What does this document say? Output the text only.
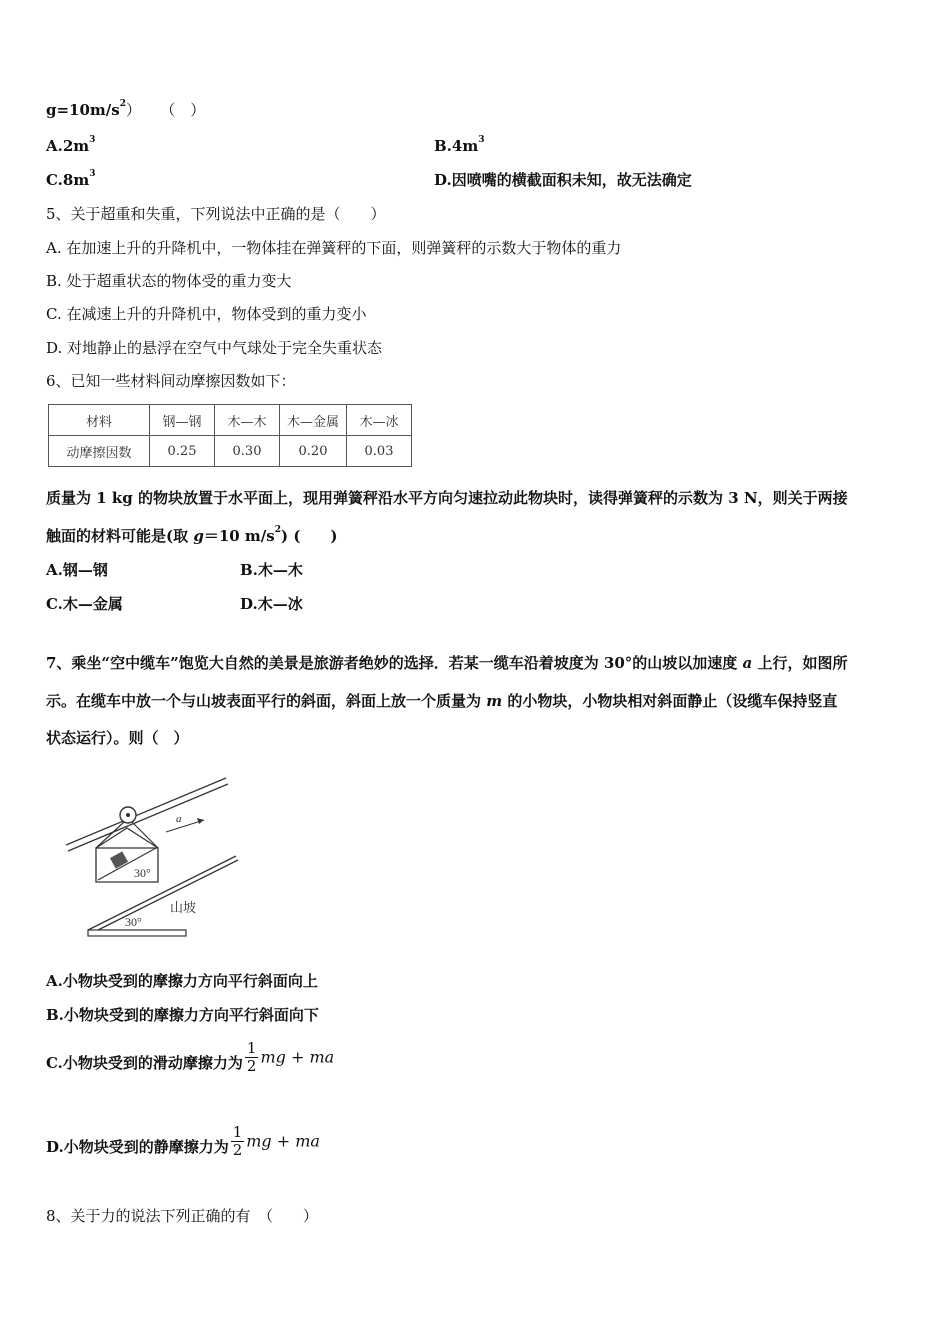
$g=10m/s^2$） （　）
$A.2m^3$	$B.4m^3$
$C.8m^3$	D.因喷嘴的横截面积未知，故无法确定
5、关于超重和失重，下列说法中正确的是（　　）
A. 在加速上升的升降机中，一物体挂在弹簧秤的下面，则弹簧秤的示数大于物体的重力
B. 处于超重状态的物体受的重力变大
C. 在减速上升的升降机中，物体受到的重力变小
D. 对地静止的悬浮在空气中气球处于完全失重状态
6、已知一些材料间动摩擦因数如下：
材料	钢—钢	木—木	木—金属	木—冰
动摩擦因数	0.25	0.30	0.20	0.03
质量为 1 kg 的物块放置于水平面上，现用弹簧秤沿水平方向匀速拉动此物块时，读得弹簧秤的示数为 3 N，则关于两接
触面的材料可能是(取 g＝10 $m/s^2$) (　　)
A.钢—钢	B.木—木
C.木—金属	D.木—冰
7、乘坐“空中缆车”饱览大自然的美景是旅游者绝妙的选择．若某一缆车沿着坡度为 30°的山坡以加速度 a 上行，如图所
示。在缆车中放一个与山坡表面平行的斜面，斜面上放一个质量为 m 的小物块，小物块相对斜面静止（设缆车保持竖直
状态运行）。则（　）
30°
a
山坡
30°
A.小物块受到的摩擦力方向平行斜面向上
B.小物块受到的摩擦力方向平行斜面向下
C.小物块受到的滑动摩擦力为 $\frac{1}{2}$ mg + ma
D.小物块受到的静摩擦力为 $\frac{1}{2}$ mg + ma
8、关于力的说法下列正确的有　（　　）
